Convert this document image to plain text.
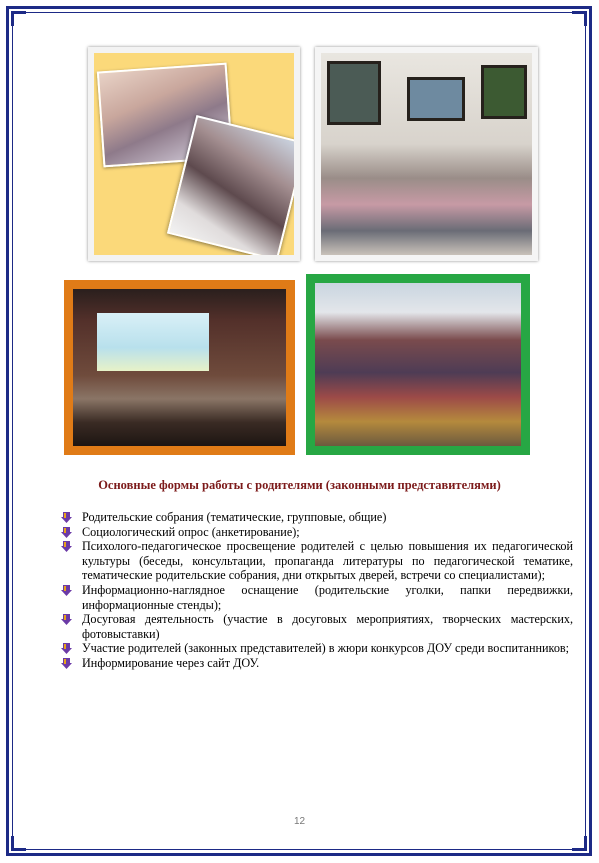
Основные формы работы с родителями (законными представителями)
Родительские собрания (тематические, групповые, общие)
Социологический опрос (анкетирование);
Психолого-педагогическое просвещение родителей с целью повышения их педагогической культуры (беседы, консультации, пропаганда литературы по педагогической тематике, тематические родительские собрания, дни открытых дверей, встречи со специалистами);
Информационно-наглядное оснащение (родительские уголки, папки передвижки, информационные стенды);
Досуговая деятельность (участие в досуговых мероприятиях, творческих мастерских, фотовыставки)
Участие родителей (законных представителей) в жюри конкурсов ДОУ среди воспитанников;
Информирование через сайт ДОУ.
12
